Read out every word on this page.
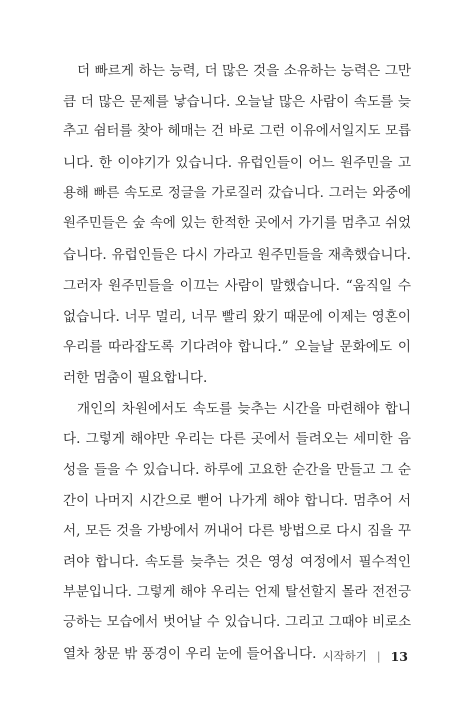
더 빠르게 하는 능력, 더 많은 것을 소유하는 능력은 그만
큼 더 많은 문제를 낳습니다. 오늘날 많은 사람이 속도를 늦
추고 쉼터를 찾아 헤매는 건 바로 그런 이유에서일지도 모릅
니다. 한 이야기가 있습니다. 유럽인들이 어느 원주민을 고
용해 빠른 속도로 정글을 가로질러 갔습니다. 그러는 와중에
원주민들은 숲 속에 있는 한적한 곳에서 가기를 멈추고 쉬었
습니다. 유럽인들은 다시 가라고 원주민들을 재촉했습니다.
그러자 원주민들을 이끄는 사람이 말했습니다. “움직일 수
없습니다. 너무 멀리, 너무 빨리 왔기 때문에 이제는 영혼이
우리를 따라잡도록 기다려야 합니다.” 오늘날 문화에도 이
러한 멈춤이 필요합니다.
개인의 차원에서도 속도를 늦추는 시간을 마련해야 합니
다. 그렇게 해야만 우리는 다른 곳에서 들려오는 세미한 음
성을 들을 수 있습니다. 하루에 고요한 순간을 만들고 그 순
간이 나머지 시간으로 뻗어 나가게 해야 합니다. 멈추어 서
서, 모든 것을 가방에서 꺼내어 다른 방법으로 다시 짐을 꾸
려야 합니다. 속도를 늦추는 것은 영성 여정에서 필수적인
부분입니다. 그렇게 해야 우리는 언제 탈선할지 몰라 전전긍
긍하는 모습에서 벗어날 수 있습니다. 그리고 그때야 비로소
열차 창문 밖 풍경이 우리 눈에 들어옵니다. 시작하기 | 13
